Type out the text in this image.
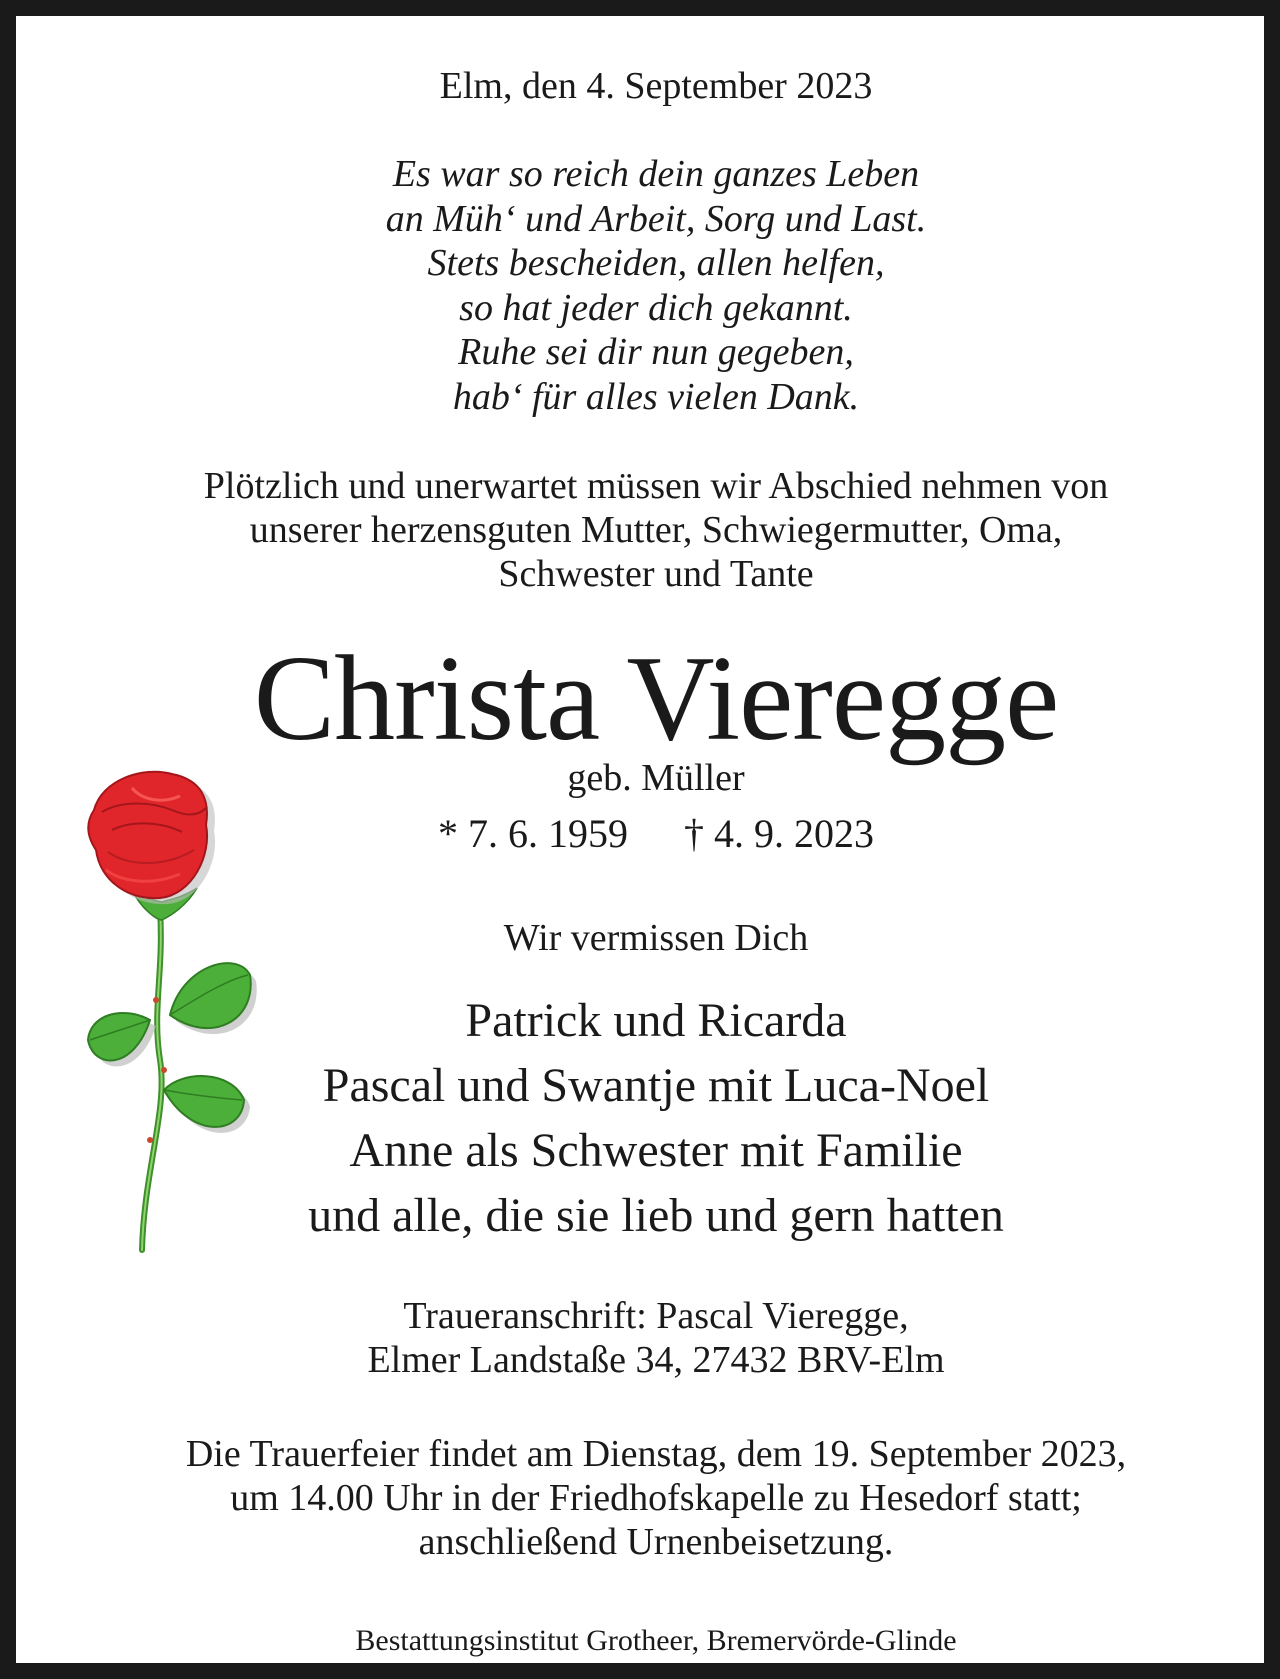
Elm, den 4. September 2023
Es war so reich dein ganzes Leben
an Müh‘ und Arbeit, Sorg und Last.
Stets bescheiden, allen helfen,
so hat jeder dich gekannt.
Ruhe sei dir nun gegeben,
hab‘ für alles vielen Dank.
Plötzlich und unerwartet müssen wir Abschied nehmen von
unserer herzensguten Mutter, Schwiegermutter, Oma,
Schwester und Tante
Christa Vieregge
geb. Müller
* 7. 6. 1959 † 4. 9. 2023
Wir vermissen Dich
Patrick und Ricarda
Pascal und Swantje mit Luca-Noel
Anne als Schwester mit Familie
und alle, die sie lieb und gern hatten
Traueranschrift: Pascal Vieregge,
Elmer Landstaße 34, 27432 BRV-Elm
Die Trauerfeier findet am Dienstag, dem 19. September 2023,
um 14.00 Uhr in der Friedhofskapelle zu Hesedorf statt;
anschließend Urnenbeisetzung.
Bestattungsinstitut Grotheer, Bremervörde-Glinde
